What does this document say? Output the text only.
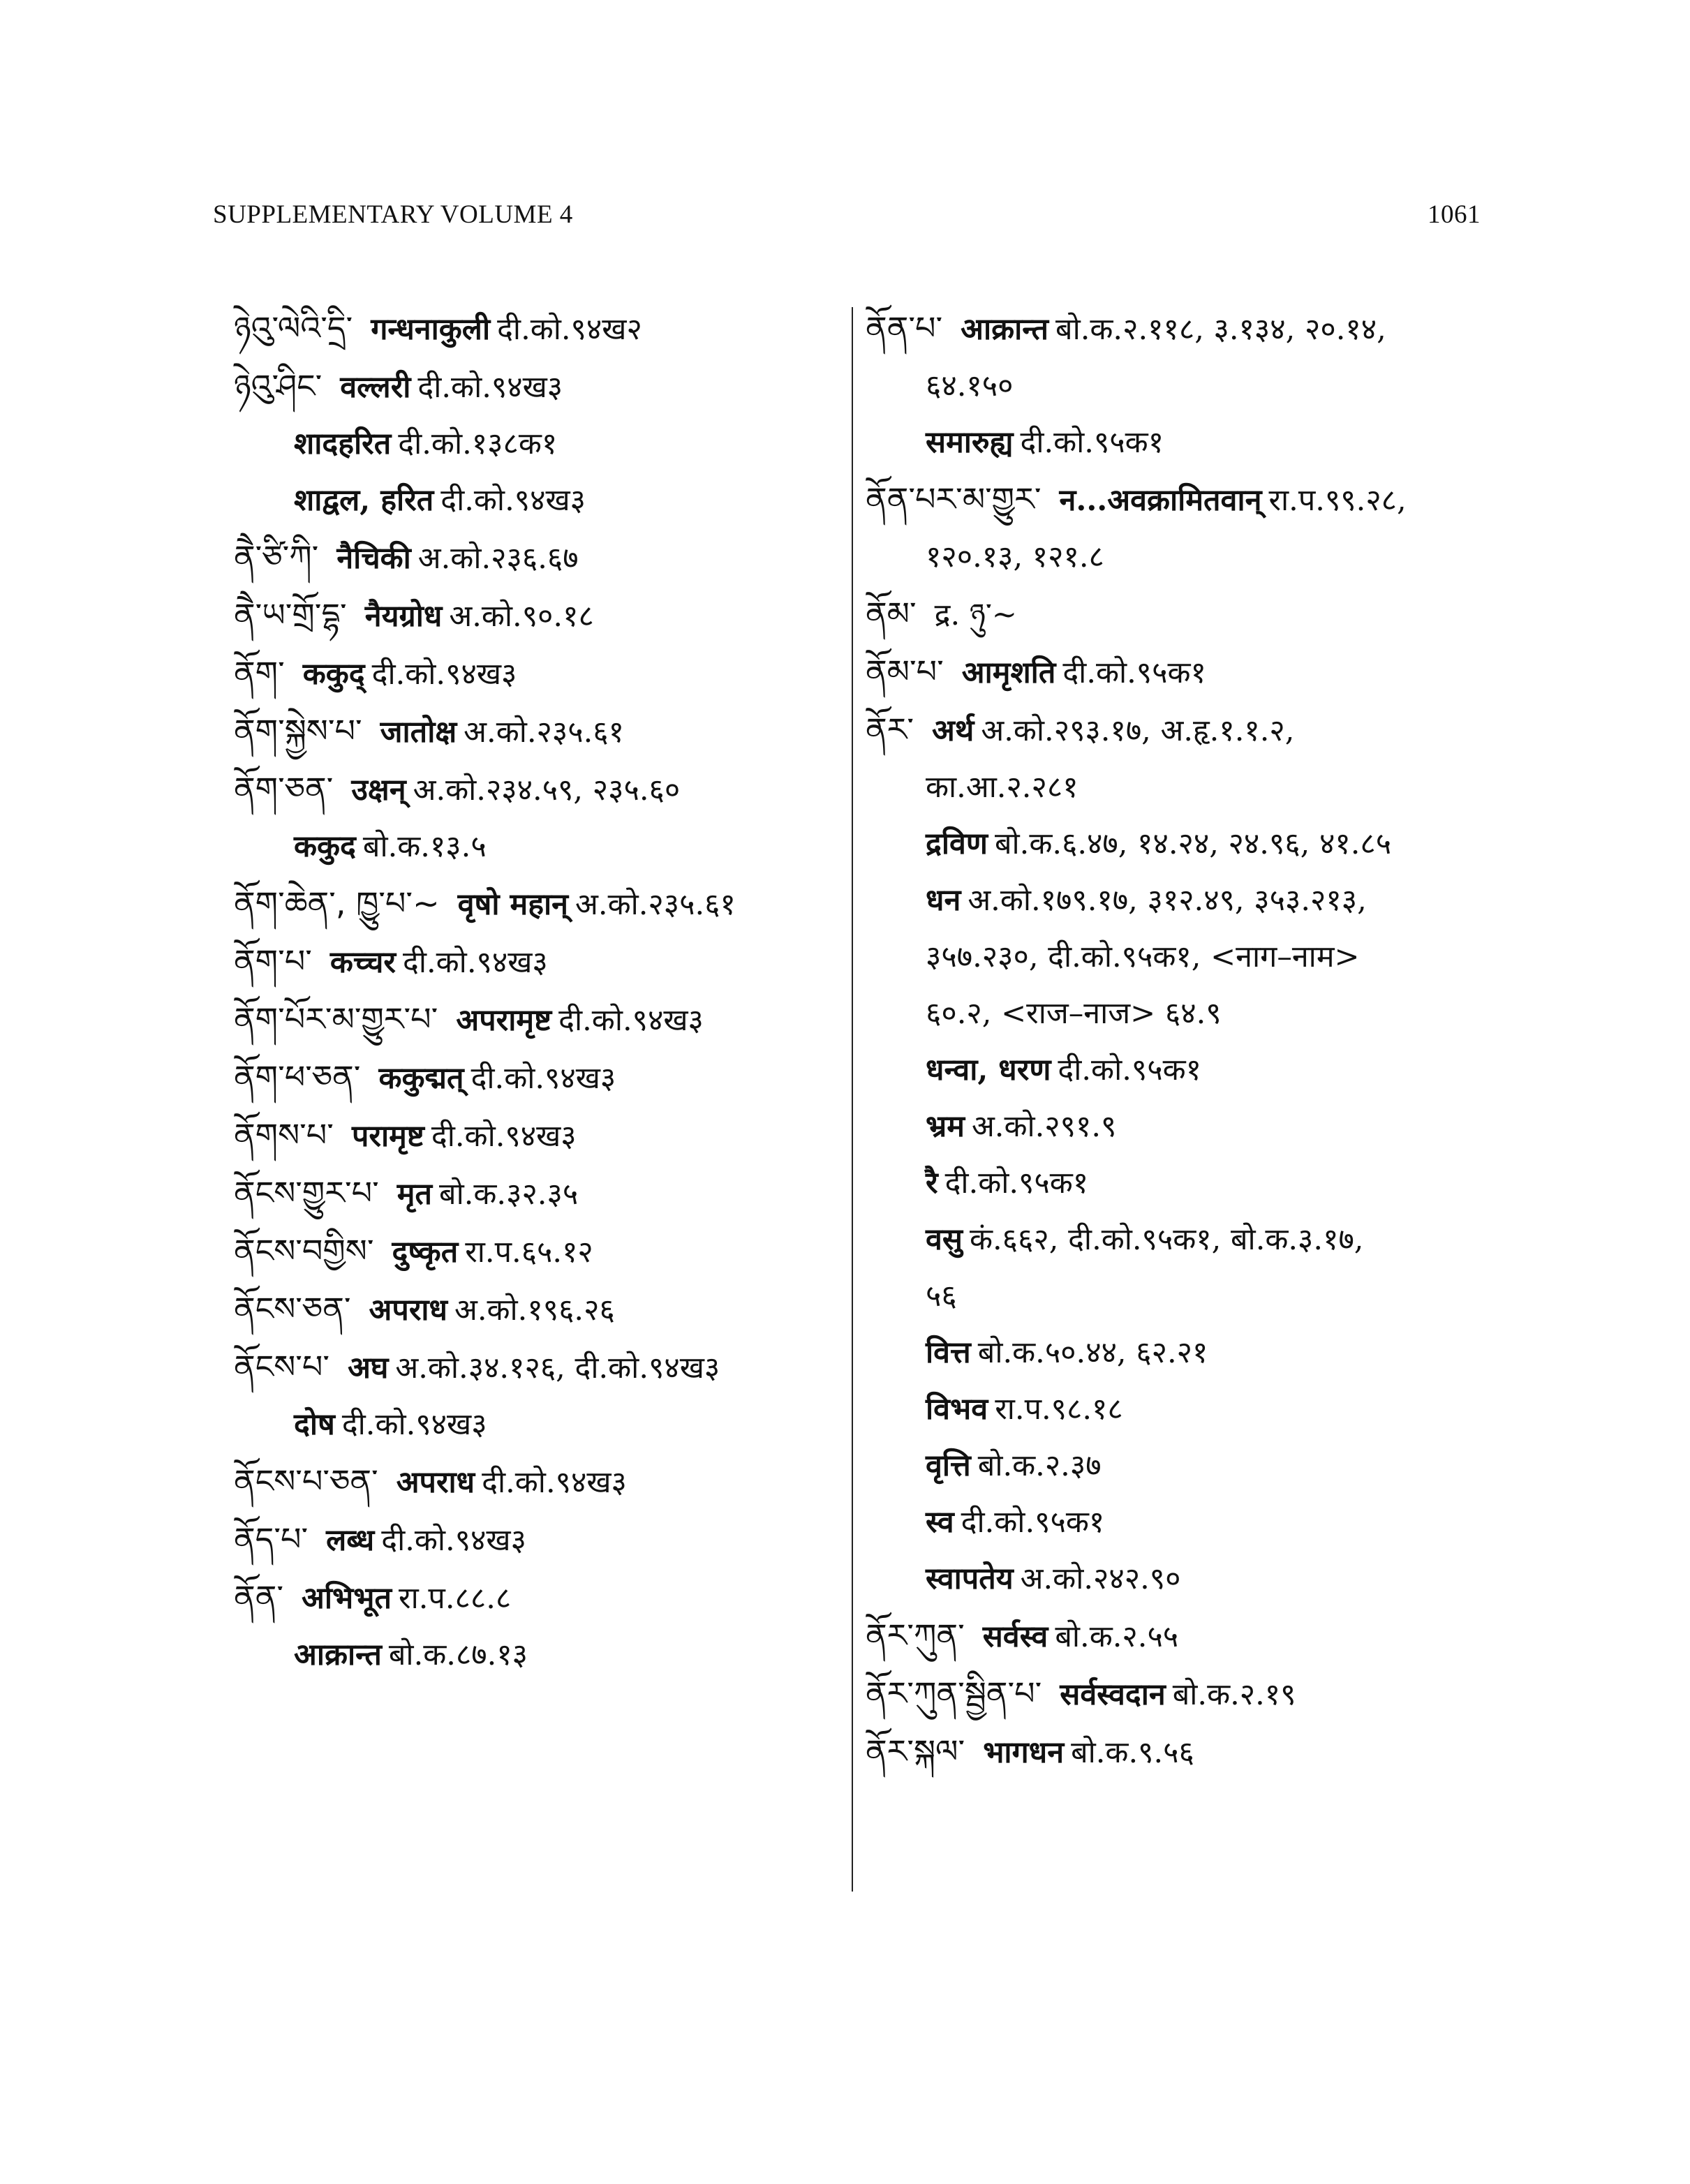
SUPPLEMENTARY VOLUME 4	1061
ཉེའུ་ལེའི་དྲི་ गन्धनाकुली दी.को.९४ख२
ཉེའུ་ཤིང་ वल्लरी दी.को.९४ख३
शादहरित दी.को.१३८क१
शाद्वल, हरित दी.को.९४ख३
ནཻ་ཙི་ཀི་ नैचिकी अ.को.२३६.६७
ནཻ་ཡ་གྲོ་དྷ་ नैयग्रोध अ.को.९०.१८
ནོག་ ककुद् दी.को.९४ख३
ནོག་སྐྱེས་པ་ जातोक्ष अ.को.२३५.६१
ནོག་ཅན་ उक्षन् अ.को.२३४.५९, २३५.६०
ककुद बो.क.१३.५
ནོག་ཆེན་, ཁྱུ་པ་~ वृषो महान् अ.को.२३५.६१
ནོག་པ་ कच्चर दी.को.९४ख३
ནོག་པོར་མ་གྱུར་པ་ अपरामृष्ट दी.को.९४ख३
ནོག་ཕ་ཅན་ ककुद्मत् दी.को.९४ख३
ནོགས་པ་ परामृष्ट दी.को.९४ख३
ནོངས་གྱུར་པ་ मृत बो.क.३२.३५
ནོངས་བགྱིས་ दुष्कृत रा.प.६५.१२
ནོངས་ཅན་ अपराध अ.को.१९६.२६
ནོངས་པ་ अघ अ.को.३४.१२६, दी.को.९४ख३
दोष दी.को.९४ख३
ནོངས་པ་ཅན་ अपराध दी.को.९४ख३
ནོད་པ་ लब्ध दी.को.९४ख३
ནོན་ अभिभूत रा.प.८८.८
आक्रान्त बो.क.८७.१३
ནོན་པ་ आक्रान्त बो.क.२.११८, ३.१३४, २०.१४,
६४.१५०
समारुह्य दी.को.९५क१
ནོན་པར་མ་གྱུར་ न...अवक्रामितवान् रा.प.९९.२८,
१२०.१३, १२१.८
ནོམ་ द्र. ཉུ་~
ནོམ་པ་ आमृशति दी.को.९५क१
ནོར་ अर्थ अ.को.२९३.१७, अ.हृ.१.१.२,
का.आ.२.२८१
द्रविण बो.क.६.४७, १४.२४, २४.९६, ४१.८५
धन अ.को.१७९.१७, ३१२.४९, ३५३.२१३,
३५७.२३०, दी.को.९५क१, <नाग–नाम>
६०.२, <राज–नाज> ६४.९
धन्वा, धरण दी.को.९५क१
भ्रम अ.को.२९१.९
रै दी.को.९५क१
वसु कं.६६२, दी.को.९५क१, बो.क.३.१७,
५६
वित्त बो.क.५०.४४, ६२.२१
विभव रा.प.९८.१८
वृत्ति बो.क.२.३७
स्व दी.को.९५क१
स्वापतेय अ.को.२४२.९०
ནོར་ཀུན་ सर्वस्व बो.क.२.५५
ནོར་ཀུན་སྦྱིན་པ་ सर्वस्वदान बो.क.२.१९
ནོར་སྐལ་ भागधन बो.क.९.५६
